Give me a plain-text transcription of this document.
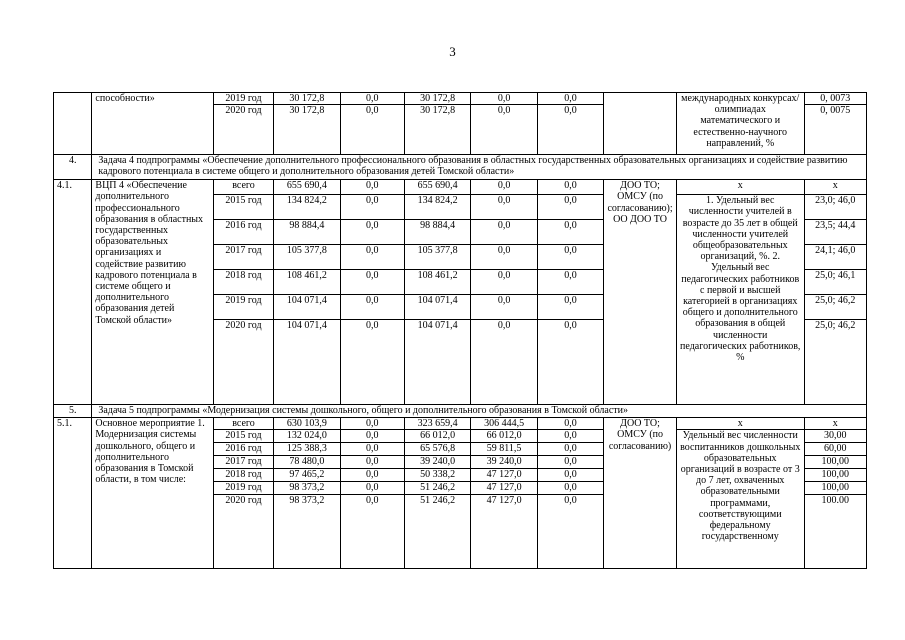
3
	способности»	2019 год	30 172,8	0,0	30 172,8	0,0	0,0		международных конкурсах/олимпиадах математического и естественно-научного направлений, %	0, 0073
		2020 год	30 172,8	0,0	30 172,8	0,0	0,0			0, 0075
4.	Задача 4 подпрограммы «Обеспечение дополнительного профессионального образования в областных государственных образовательных организациях и содействие развитию кадрового потенциала в системе общего и дополнительного образования детей Томской области»									
4.1.	ВЦП 4 «Обеспечение дополнительного профессионального образования в областных государственных образовательных организациях и содействие развитию кадрового потенциала в системе общего и дополнительного образования детей Томской области»	всего	655 690,4	0,0	655 690,4	0,0	0,0	ДОО ТО; ОМСУ (по согласованию); ОО ДОО ТО	х	х
		2015 год	134 824,2	0,0	134 824,2	0,0	0,0		1. Удельный вес численности учителей в возрасте до 35 лет в общей численности учителей общеобразовательных организаций, %. 2. Удельный вес педагогических работников с первой и высшей категорией в организациях общего и дополнительного образования в общей численности педагогических работников, %	23,0; 46,0
		2016 год	98 884,4	0,0	98 884,4	0,0	0,0			23,5; 44,4
		2017 год	105 377,8	0,0	105 377,8	0,0	0,0			24,1; 46,0
		2018 год	108 461,2	0,0	108 461,2	0,0	0,0			25,0; 46,1
		2019 год	104 071,4	0,0	104 071,4	0,0	0,0			25,0; 46,2
		2020 год	104 071,4	0,0	104 071,4	0,0	0,0			25,0; 46,2
5.	Задача 5 подпрограммы «Модернизация системы дошкольного, общего и дополнительного образования в Томской области»									
5.1.	Основное мероприятие 1. Модернизация системы дошкольного, общего и дополнительного образования в Томской области, в том числе:	всего	630 103,9	0,0	323 659,4	306 444,5	0,0	ДОО ТО; ОМСУ (по согласованию)	х	х
		2015 год	132 024,0	0,0	66 012,0	66 012,0	0,0		Удельный вес численности воспитанников дошкольных образовательных организаций в возрасте от 3 до 7 лет, охваченных образовательными программами, соответствующими федеральному государственному	30,00
		2016 год	125 388,3	0,0	65 576,8	59 811,5	0,0			60,00
		2017 год	78 480,0	0,0	39 240,0	39 240,0	0,0			100,00
		2018 год	97 465,2	0,0	50 338,2	47 127,0	0,0			100,00
		2019 год	98 373,2	0,0	51 246,2	47 127,0	0,0			100,00
		2020 год	98 373,2	0,0	51 246,2	47 127,0	0,0			100.00
